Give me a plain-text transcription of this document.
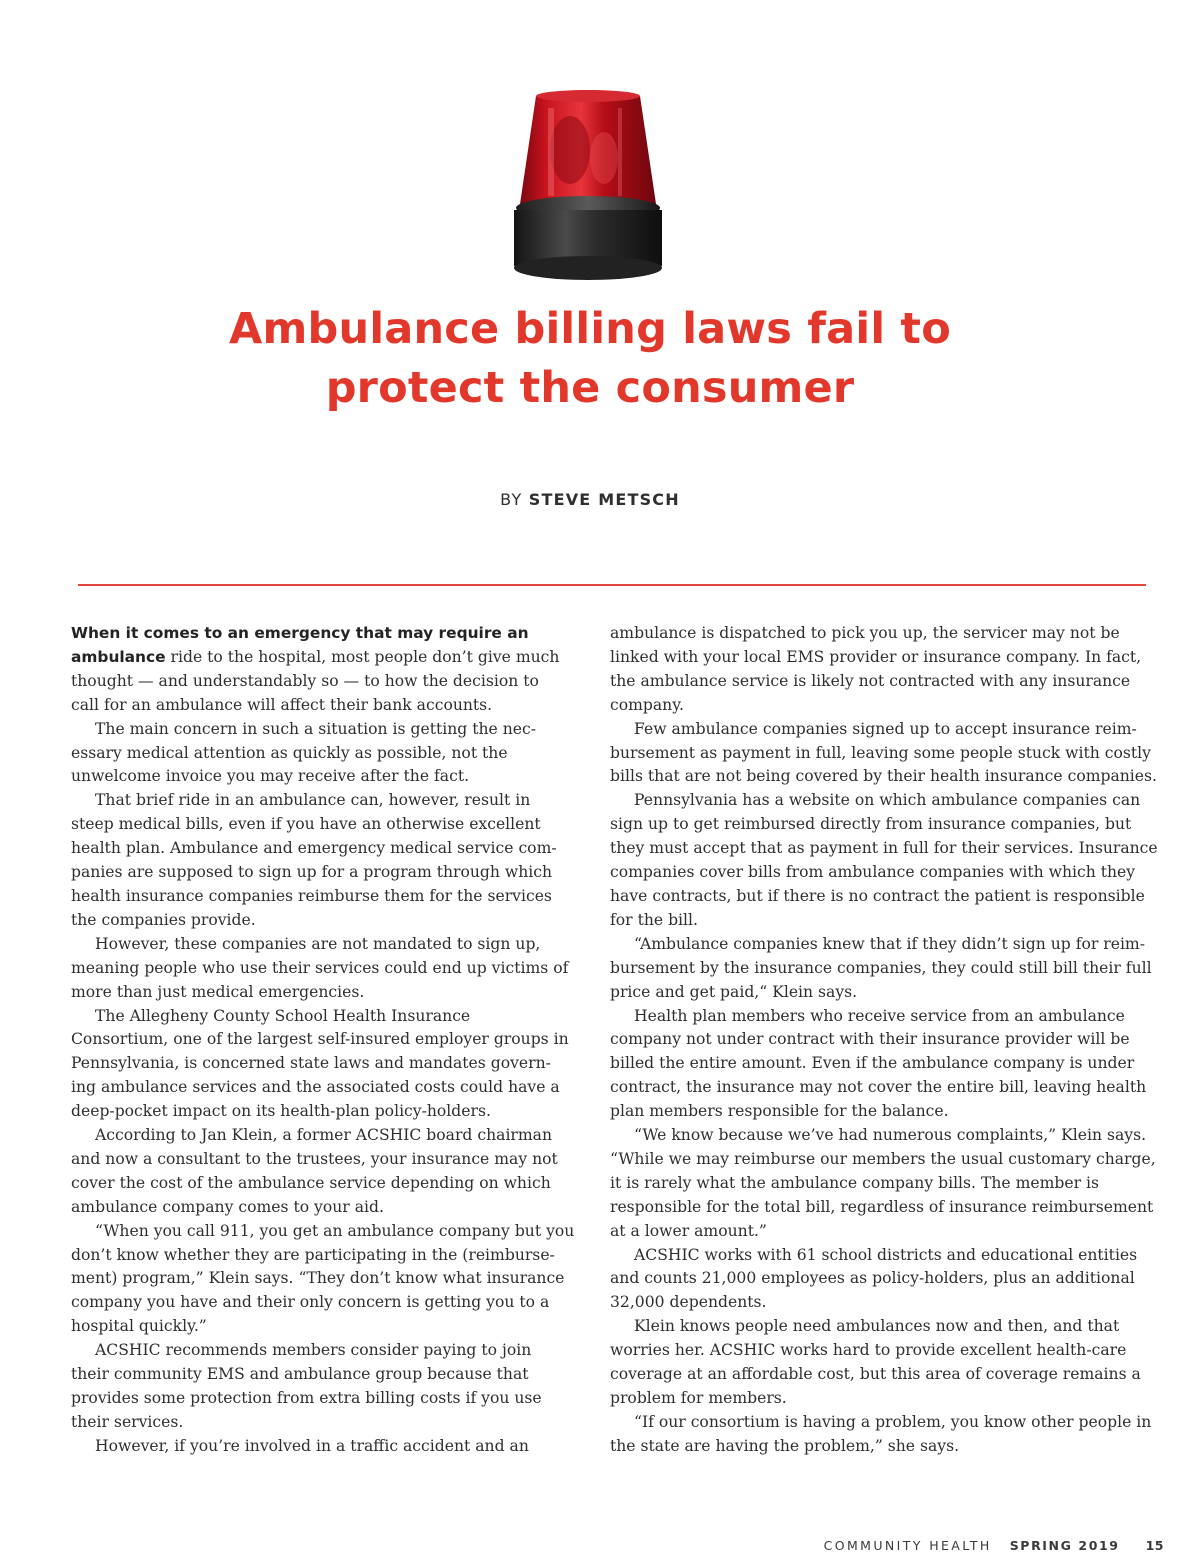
Ambulance billing laws fail to
protect the consumer
BY STEVE METSCH

When it comes to an emergency that may require an
ambulance ride to the hospital, most people don’t give much
thought — and understandably so — to how the decision to
call for an ambulance will affect their bank accounts.

The main concern in such a situation is getting the nec-
essary medical attention as quickly as possible, not the
unwelcome invoice you may receive after the fact.

That brief ride in an ambulance can, however, result in
steep medical bills, even if you have an otherwise excellent
health plan. Ambulance and emergency medical service com-
panies are supposed to sign up for a program through which
health insurance companies reimburse them for the services
the companies provide.

However, these companies are not mandated to sign up,
meaning people who use their services could end up victims of
more than just medical emergencies.

The Allegheny County School Health Insurance
Consortium, one of the largest self-insured employer groups in
Pennsylvania, is concerned state laws and mandates govern-
ing ambulance services and the associated costs could have a
deep-pocket impact on its health-plan policy-holders.

According to Jan Klein, a former ACSHIC board chairman
and now a consultant to the trustees, your insurance may not
cover the cost of the ambulance service depending on which
ambulance company comes to your aid.

“When you call 911, you get an ambulance company but you
don’t know whether they are participating in the (reimburse-
ment) program,” Klein says. “They don’t know what insurance
company you have and their only concern is getting you to a
hospital quickly.”

ACSHIC recommends members consider paying to join
their community EMS and ambulance group because that
provides some protection from extra billing costs if you use
their services.

However, if you’re involved in a traffic accident and an

ambulance is dispatched to pick you up, the servicer may not be
linked with your local EMS provider or insurance company. In fact,
the ambulance service is likely not contracted with any insurance
company.

Few ambulance companies signed up to accept insurance reim-
bursement as payment in full, leaving some people stuck with costly
bills that are not being covered by their health insurance companies.

Pennsylvania has a website on which ambulance companies can
sign up to get reimbursed directly from insurance companies, but
they must accept that as payment in full for their services. Insurance
companies cover bills from ambulance companies with which they
have contracts, but if there is no contract the patient is responsible
for the bill.

“Ambulance companies knew that if they didn’t sign up for reim-
bursement by the insurance companies, they could still bill their full
price and get paid,“ Klein says.

Health plan members who receive service from an ambulance
company not under contract with their insurance provider will be
billed the entire amount. Even if the ambulance company is under
contract, the insurance may not cover the entire bill, leaving health
plan members responsible for the balance.

“We know because we’ve had numerous complaints,” Klein says.
“While we may reimburse our members the usual customary charge,
it is rarely what the ambulance company bills. The member is
responsible for the total bill, regardless of insurance reimbursement
at a lower amount.”

ACSHIC works with 61 school districts and educational entities
and counts 21,000 employees as policy-holders, plus an additional
32,000 dependents.

Klein knows people need ambulances now and then, and that
worries her. ACSHIC works hard to provide excellent health-care
coverage at an affordable cost, but this area of coverage remains a
problem for members.

“If our consortium is having a problem, you know other people in
the state are having the problem,” she says.

COMMUNITY HEALTH SPRING 2019 15
